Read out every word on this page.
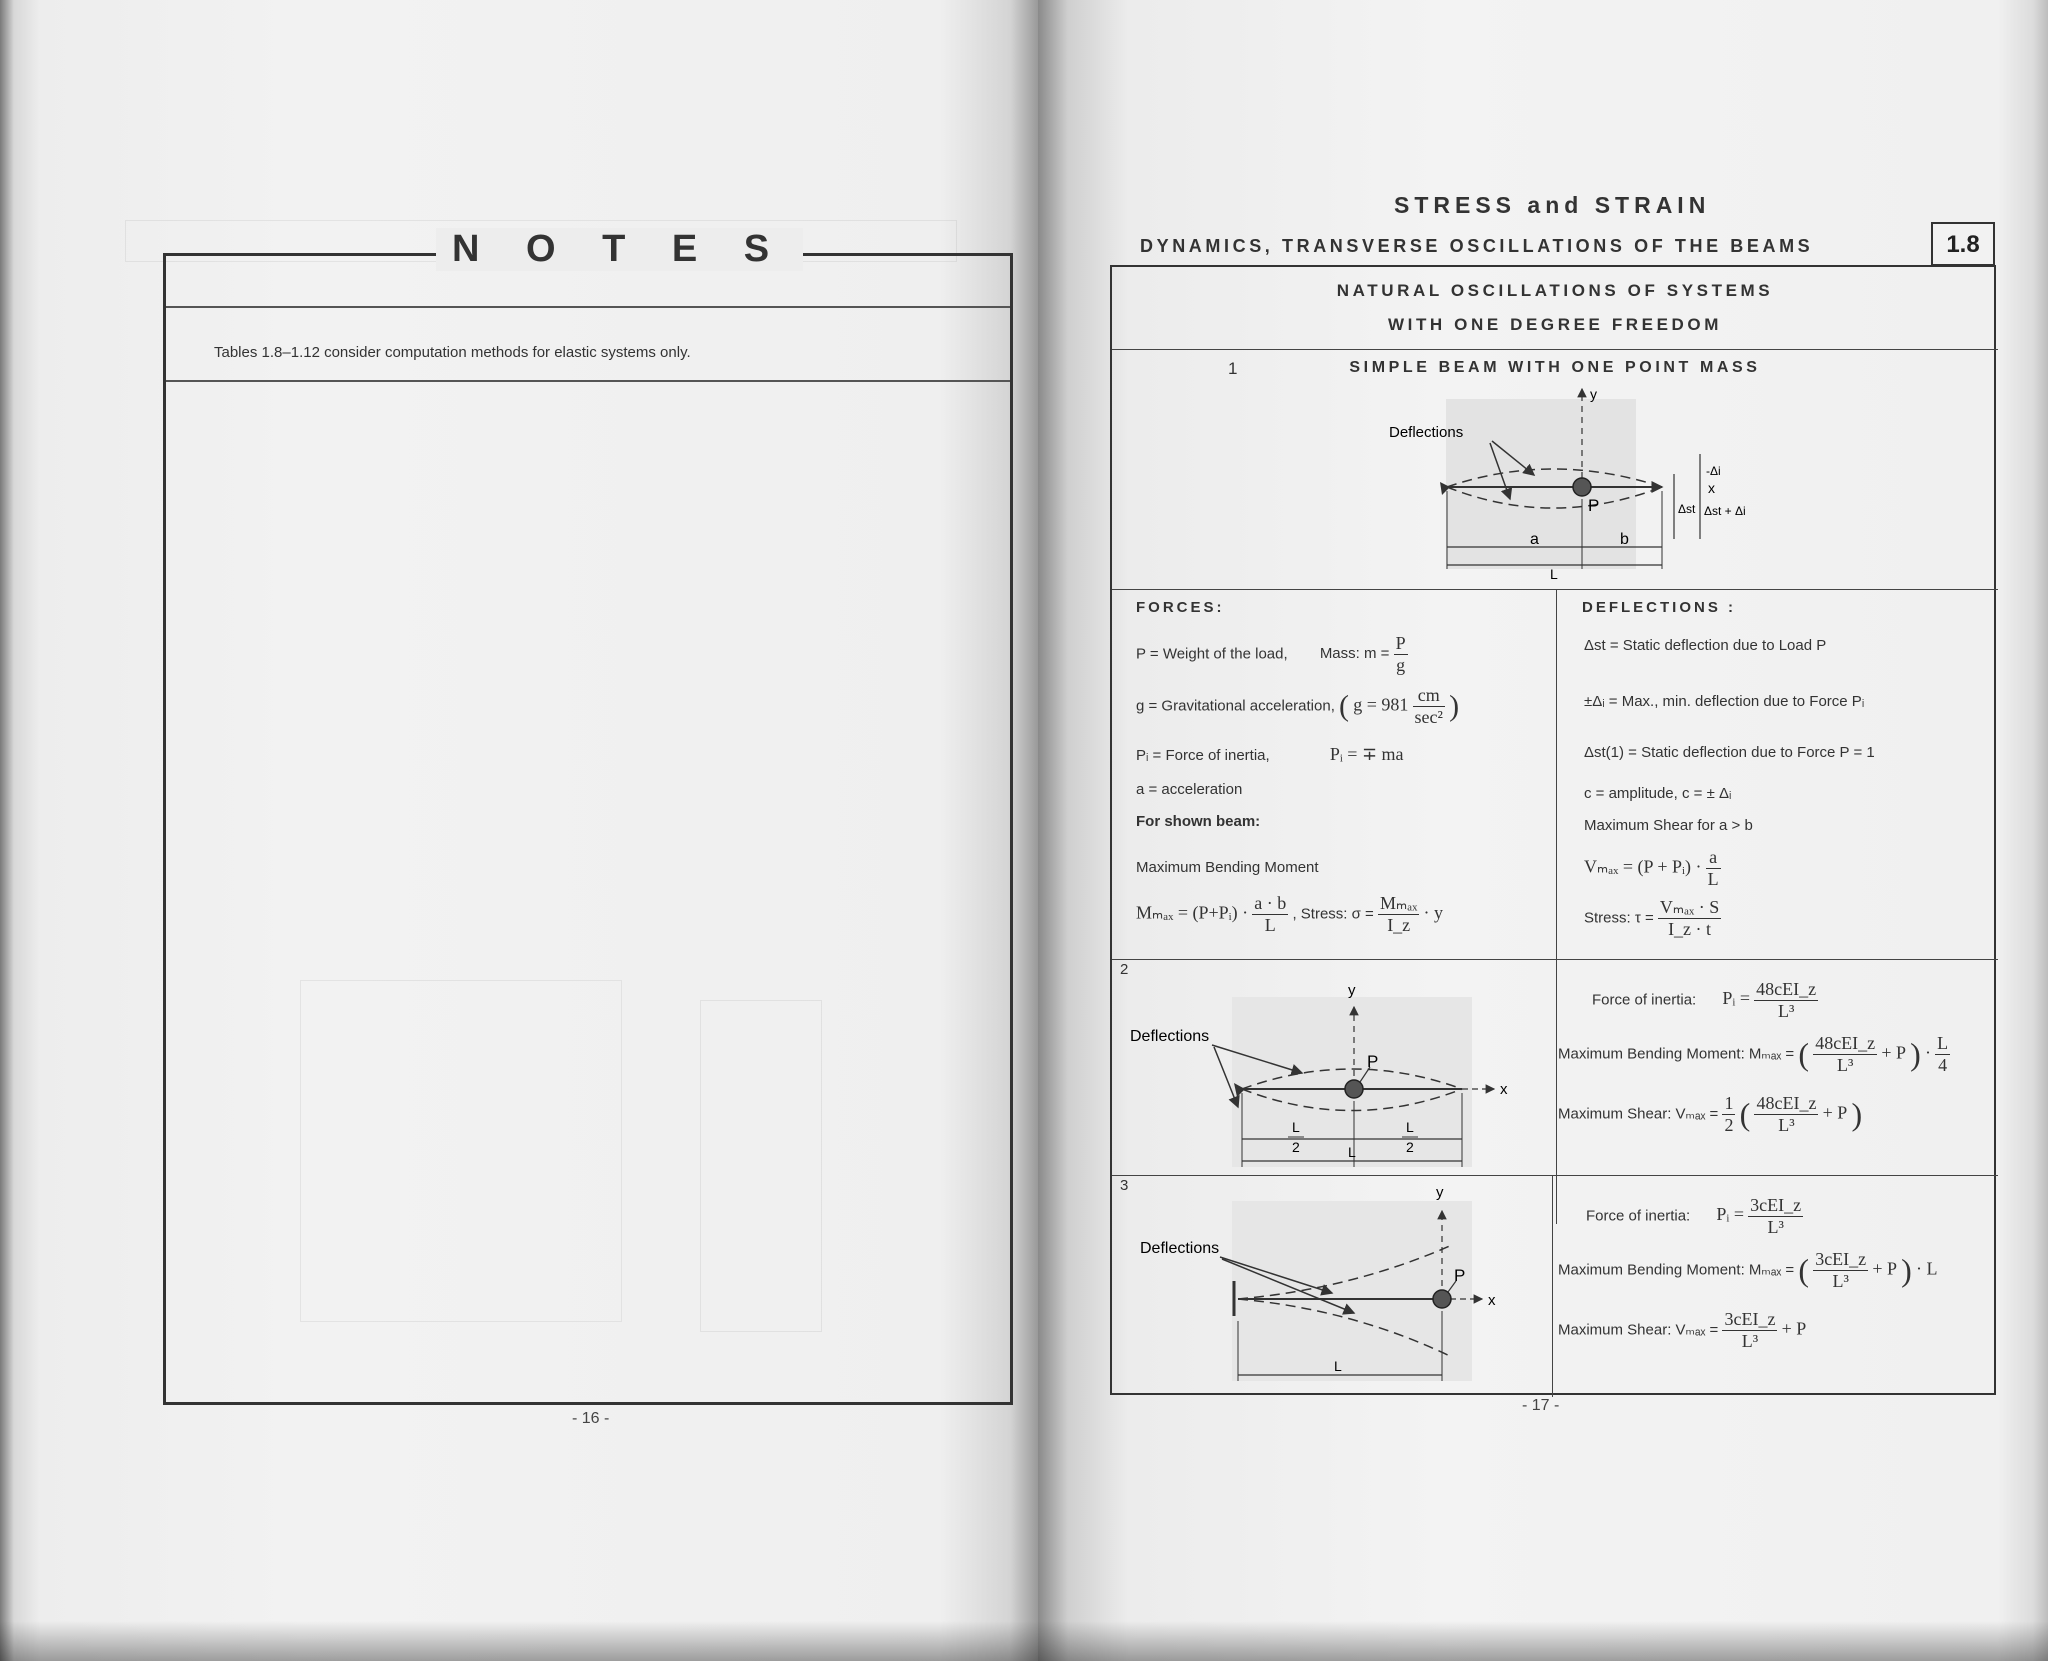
N O T E S
Tables 1.8–1.12 consider computation methods for elastic systems only.
- 16 -
STRESS and STRAIN
DYNAMICS, TRANSVERSE OSCILLATIONS OF THE BEAMS	1.8
NATURAL OSCILLATIONS OF SYSTEMS
WITH ONE DEGREE FREEDOM
1	SIMPLE BEAM WITH ONE POINT MASS
x
y
P
Deflections
Δst
-Δi
Δst + Δi
a	b
L
FORCES:
P = Weight of the load, Mass: $m = \frac{P}{g}$
g = Gravitational acceleration, ( $g = 981 \frac{cm}{\text{sec²}}$ )
Pᵢ = Force of inertia,	Pᵢ = ∓ ma
a = acceleration
For shown beam:
Maximum Bending Moment
Mₘₐₓ = (P+Pᵢ) · $\frac{a \cdot b}{L}$ , Stress: $\sigma = \frac{\text{Mₘₐₓ}}{I\_z} \cdot y$
DEFLECTIONS :
Δst = Static deflection due to Load P
±Δᵢ = Max., min. deflection due to Force Pᵢ
Δst(1) = Static deflection due to Force P = 1
c = amplitude, c = ± Δᵢ
Maximum Shear for a > b
Vₘₐₓ = (P + Pᵢ) · $\frac{a}{L}$
Stress: $\tau = \frac{\text{Vₘₐₓ · S}}{I\_z \cdot t}$
2
x
y
P
Deflections
L
2
L
2
L
Force of inertia: Pᵢ = $\frac{\text{48cEI\_z}}{\text{L³}}$
Maximum Bending Moment: Mₘₐₓ = ( $\frac{\text{48cEI\_z}}{\text{L³}} + P$ ) · $\frac{L}{4}$
Maximum Shear: $V_{max} = \frac{1}{2}$ ( $\frac{\text{48cEI\_z}}{\text{L³}} + P$ )
3
x
y
P
Deflections
L
Force of inertia: Pᵢ = $\frac{\text{3cEI\_z}}{\text{L³}}$
Maximum Bending Moment: Mₘₐₓ = ( $\frac{\text{3cEI\_z}}{\text{L³}} + P$ ) · L
Maximum Shear: $V_{max} = \frac{\text{3cEI\_z}}{\text{L³}} + P$
- 17 -
